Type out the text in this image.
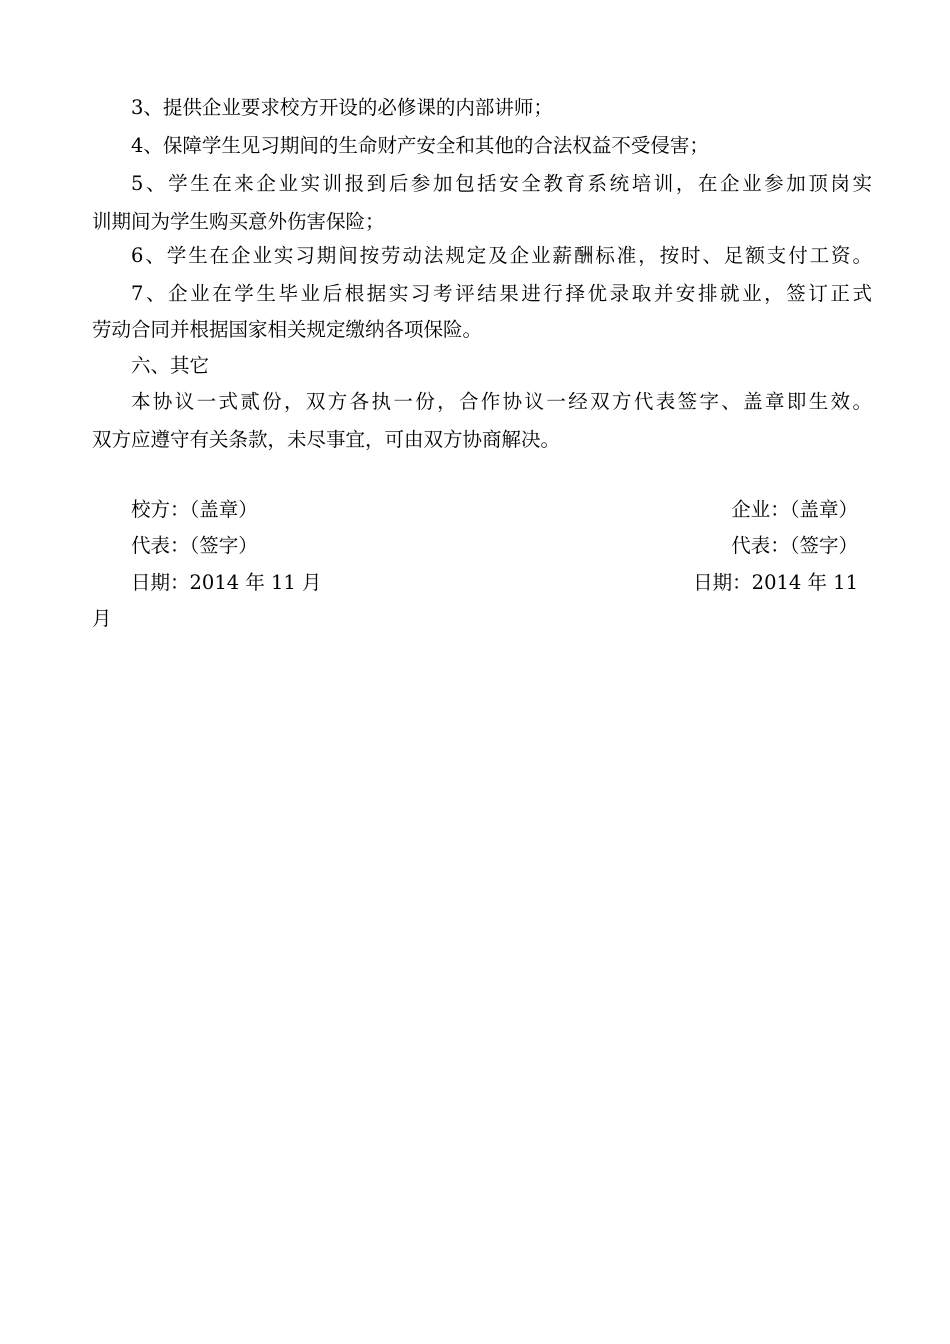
3、提供企业要求校方开设的必修课的内部讲师；
4、保障学生见习期间的生命财产安全和其他的合法权益不受侵害；
5、学生在来企业实训报到后参加包括安全教育系统培训，在企业参加顶岗实
训期间为学生购买意外伤害保险；
6、学生在企业实习期间按劳动法规定及企业薪酬标准，按时、足额支付工资。
7、企业在学生毕业后根据实习考评结果进行择优录取并安排就业，签订正式
劳动合同并根据国家相关规定缴纳各项保险。
六、其它
本协议一式贰份，双方各执一份，合作协议一经双方代表签字、盖章即生效。
双方应遵守有关条款，未尽事宜，可由双方协商解决。
校方：（盖章）
代表：（签字）
日期：2014 年 11 月
企业：（盖章）
代表：（签字）
日期：2014 年 11
月
